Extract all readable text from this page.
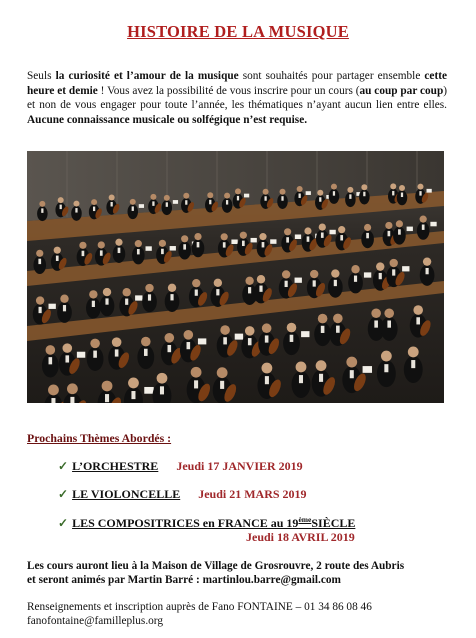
HISTOIRE DE LA MUSIQUE
Seuls la curiosité et l’amour de la musique sont souhaités pour partager ensemble cette heure et demie ! Vous avez la possibilité de vous inscrire pour un cours (au coup par coup) et non de vous engager pour toute l’année, les thématiques n’ayant aucun lien entre elles. Aucune connaissance musicale ou solfégique n’est requise.
Prochains Thèmes Abordés :
✓ L’ORCHESTRE Jeudi 17 JANVIER 2019
✓ LE VIOLONCELLE Jeudi 21 MARS 2019
✓ LES COMPOSITRICES en FRANCE au 19èmeSIÈCLE
Jeudi 18 AVRIL 2019
Les cours auront lieu à la Maison de Village de Grosrouvre, 2 route des Aubris et seront animés par Martin Barré : martinlou.barre@gmail.com
Renseignements et inscription auprès de Fano FONTAINE – 01 34 86 08 46
fanofontaine@familleplus.org
